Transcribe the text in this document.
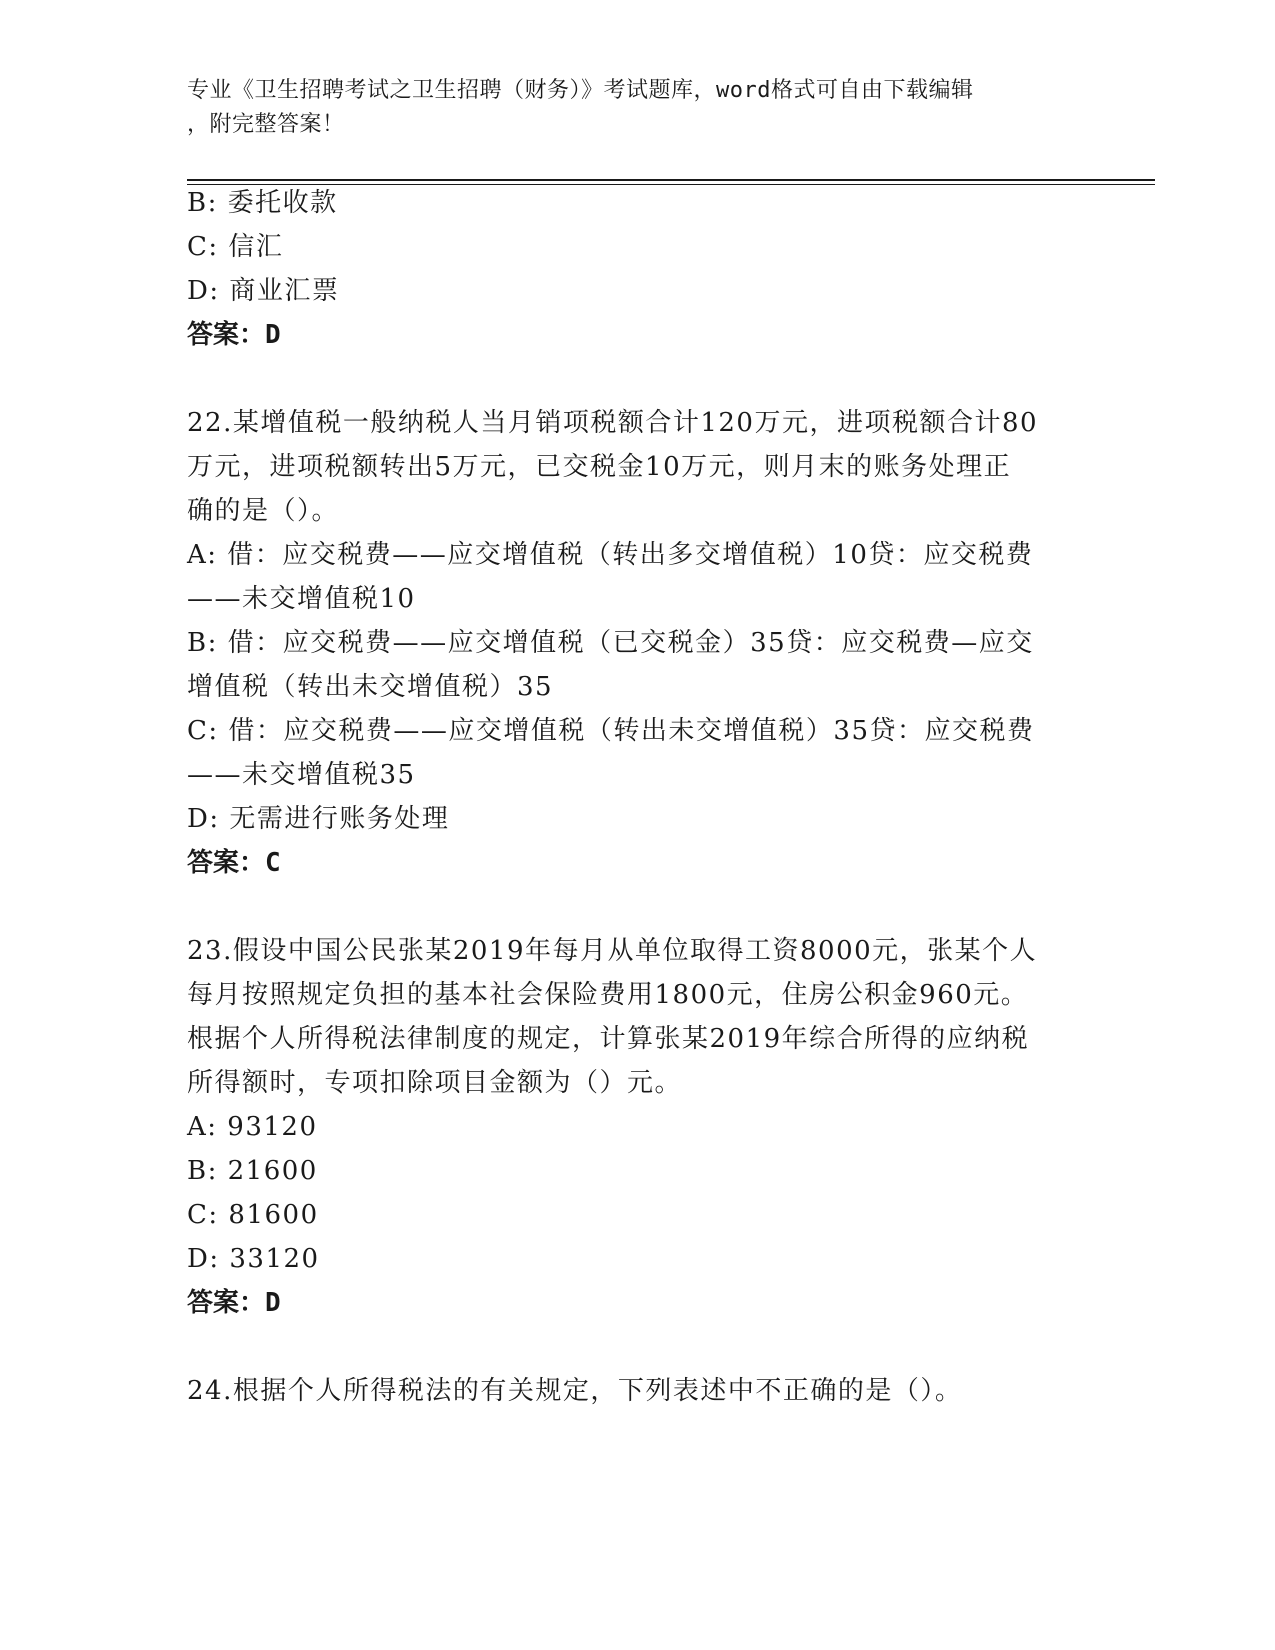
专业《卫生招聘考试之卫生招聘（财务）》考试题库，word格式可自由下载编辑
，附完整答案！
B: 委托收款
C: 信汇
D: 商业汇票
答案：D
22.某增值税一般纳税人当月销项税额合计120万元，进项税额合计80
万元，进项税额转出5万元，已交税金10万元，则月末的账务处理正
确的是（）。
A: 借：应交税费——应交增值税（转出多交增值税）10贷：应交税费
——未交增值税10
B: 借：应交税费——应交增值税（已交税金）35贷：应交税费—应交
增值税（转出未交增值税）35
C: 借：应交税费——应交增值税（转出未交增值税）35贷：应交税费
——未交增值税35
D: 无需进行账务处理
答案：C
23.假设中国公民张某2019年每月从单位取得工资8000元，张某个人
每月按照规定负担的基本社会保险费用1800元，住房公积金960元。
根据个人所得税法律制度的规定，计算张某2019年综合所得的应纳税
所得额时，专项扣除项目金额为（）元。
A: 93120
B: 21600
C: 81600
D: 33120
答案：D
24.根据个人所得税法的有关规定，下列表述中不正确的是（）。
